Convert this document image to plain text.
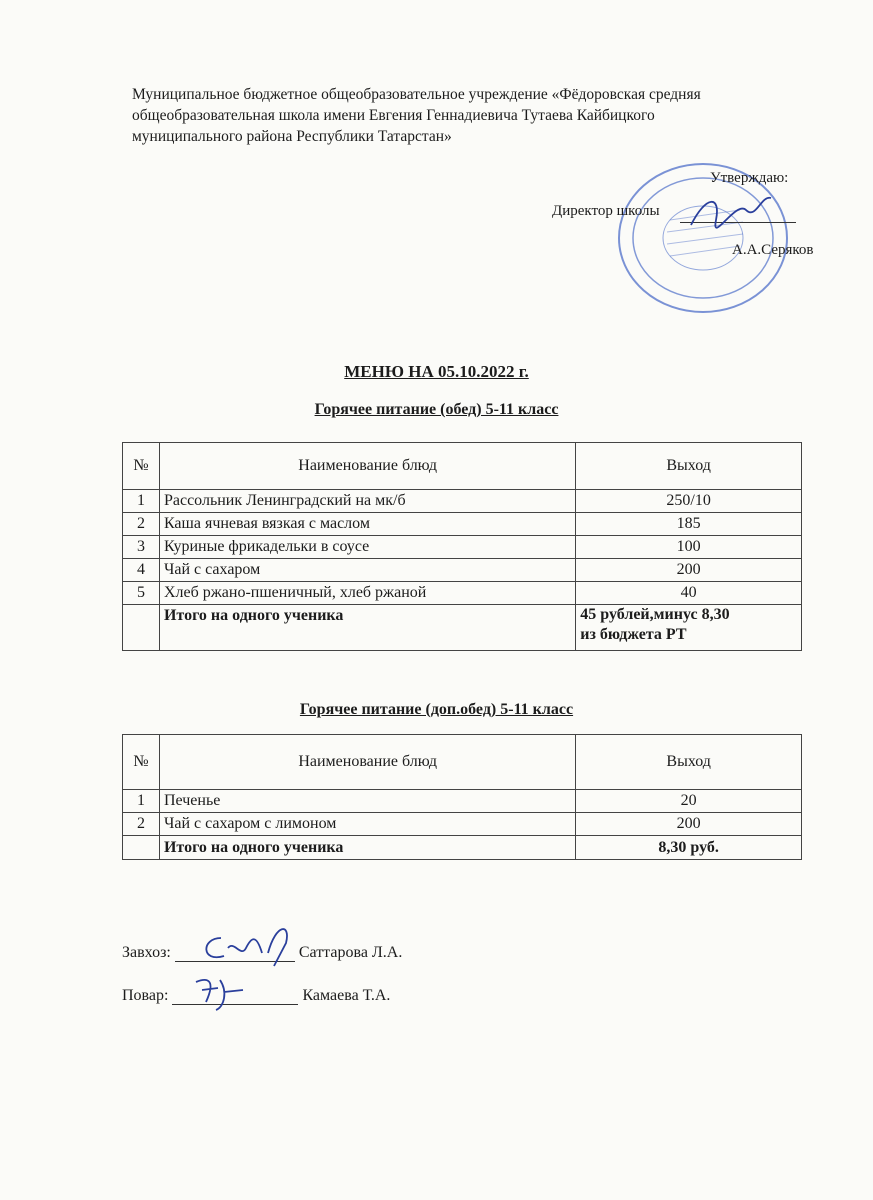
Муниципальное бюджетное общеобразовательное учреждение «Фёдоровская средняя
общеобразовательная школа имени Евгения Геннадиевича Тутаева Кайбицкого
муниципального района Республики Татарстан»
Утверждаю:
Директор школы
А.А.Серяков
МЕНЮ НА 05.10.2022 г.
Горячее питание (обед) 5-11 класс
№	Наименование блюд	Выход
1	Рассольник Ленинградский на мк/б	250/10
2	Каша ячневая вязкая с маслом	185
3	Куриные фрикадельки в соусе	100
4	Чай с сахаром	200
5	Хлеб ржано-пшеничный, хлеб ржаной	40
	Итого на одного ученика	45 рублей,минус 8,30
из бюджета РТ
Горячее питание (доп.обед) 5-11 класс
№	Наименование блюд	Выход
1	Печенье	20
2	Чай с сахаром с лимоном	200
	Итого на одного ученика	8,30 руб.
Завхоз:	Саттарова Л.А.
Повар:	Камаева Т.А.
